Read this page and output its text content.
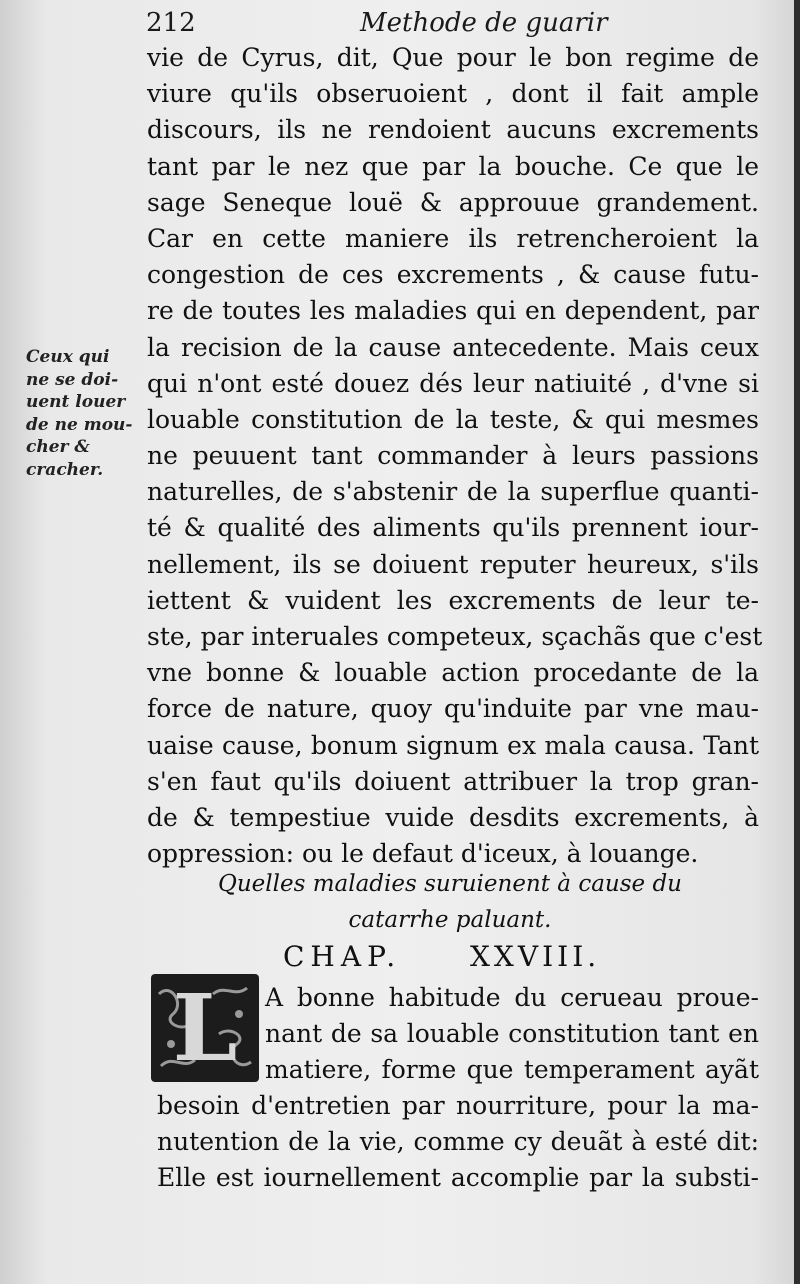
212	Methode de guarir
vie de Cyrus, dit, Que pour le bon regime de
viure qu'ils obseruoient , dont il fait ample
discours, ils ne rendoient aucuns excrements
tant par le nez que par la bouche. Ce que le
sage Seneque louë & approuue grandement.
Car en cette maniere ils retrencheroient la
congestion de ces excrements , & cause futu-
re de toutes les maladies qui en dependent, par
la recision de la cause antecedente. Mais ceux
qui n'ont esté douez dés leur natiuité , d'vne si
louable constitution de la teste, & qui mesmes
ne peuuent tant commander à leurs passions
naturelles, de s'abstenir de la superflue quanti-
té & qualité des aliments qu'ils prennent iour-
nellement, ils se doiuent reputer heureux, s'ils
iettent & vuident les excrements de leur te-
ste, par interuales competeux, sçachãs que c'est
vne bonne & louable action procedante de la
force de nature, quoy qu'induite par vne mau-
uaise cause, bonum signum ex mala causa. Tant
s'en faut qu'ils doiuent attribuer la trop gran-
de & tempestiue vuide desdits excrements, à
oppression: ou le defaut d'iceux, à louange.
Ceux qui
ne se doi-
uent louer
de ne mou-
cher &
cracher.
Quelles maladies suruienent à cause du
catarrhe paluant.
CHAP. XXVIII.
L	A bonne habitude du cerueau proue-
nant de sa louable constitution tant en
matiere, forme que temperament ayãt
besoin d'entretien par nourriture, pour la ma-
nutention de la vie, comme cy deuãt à esté dit:
Elle est iournellement accomplie par la substi-
